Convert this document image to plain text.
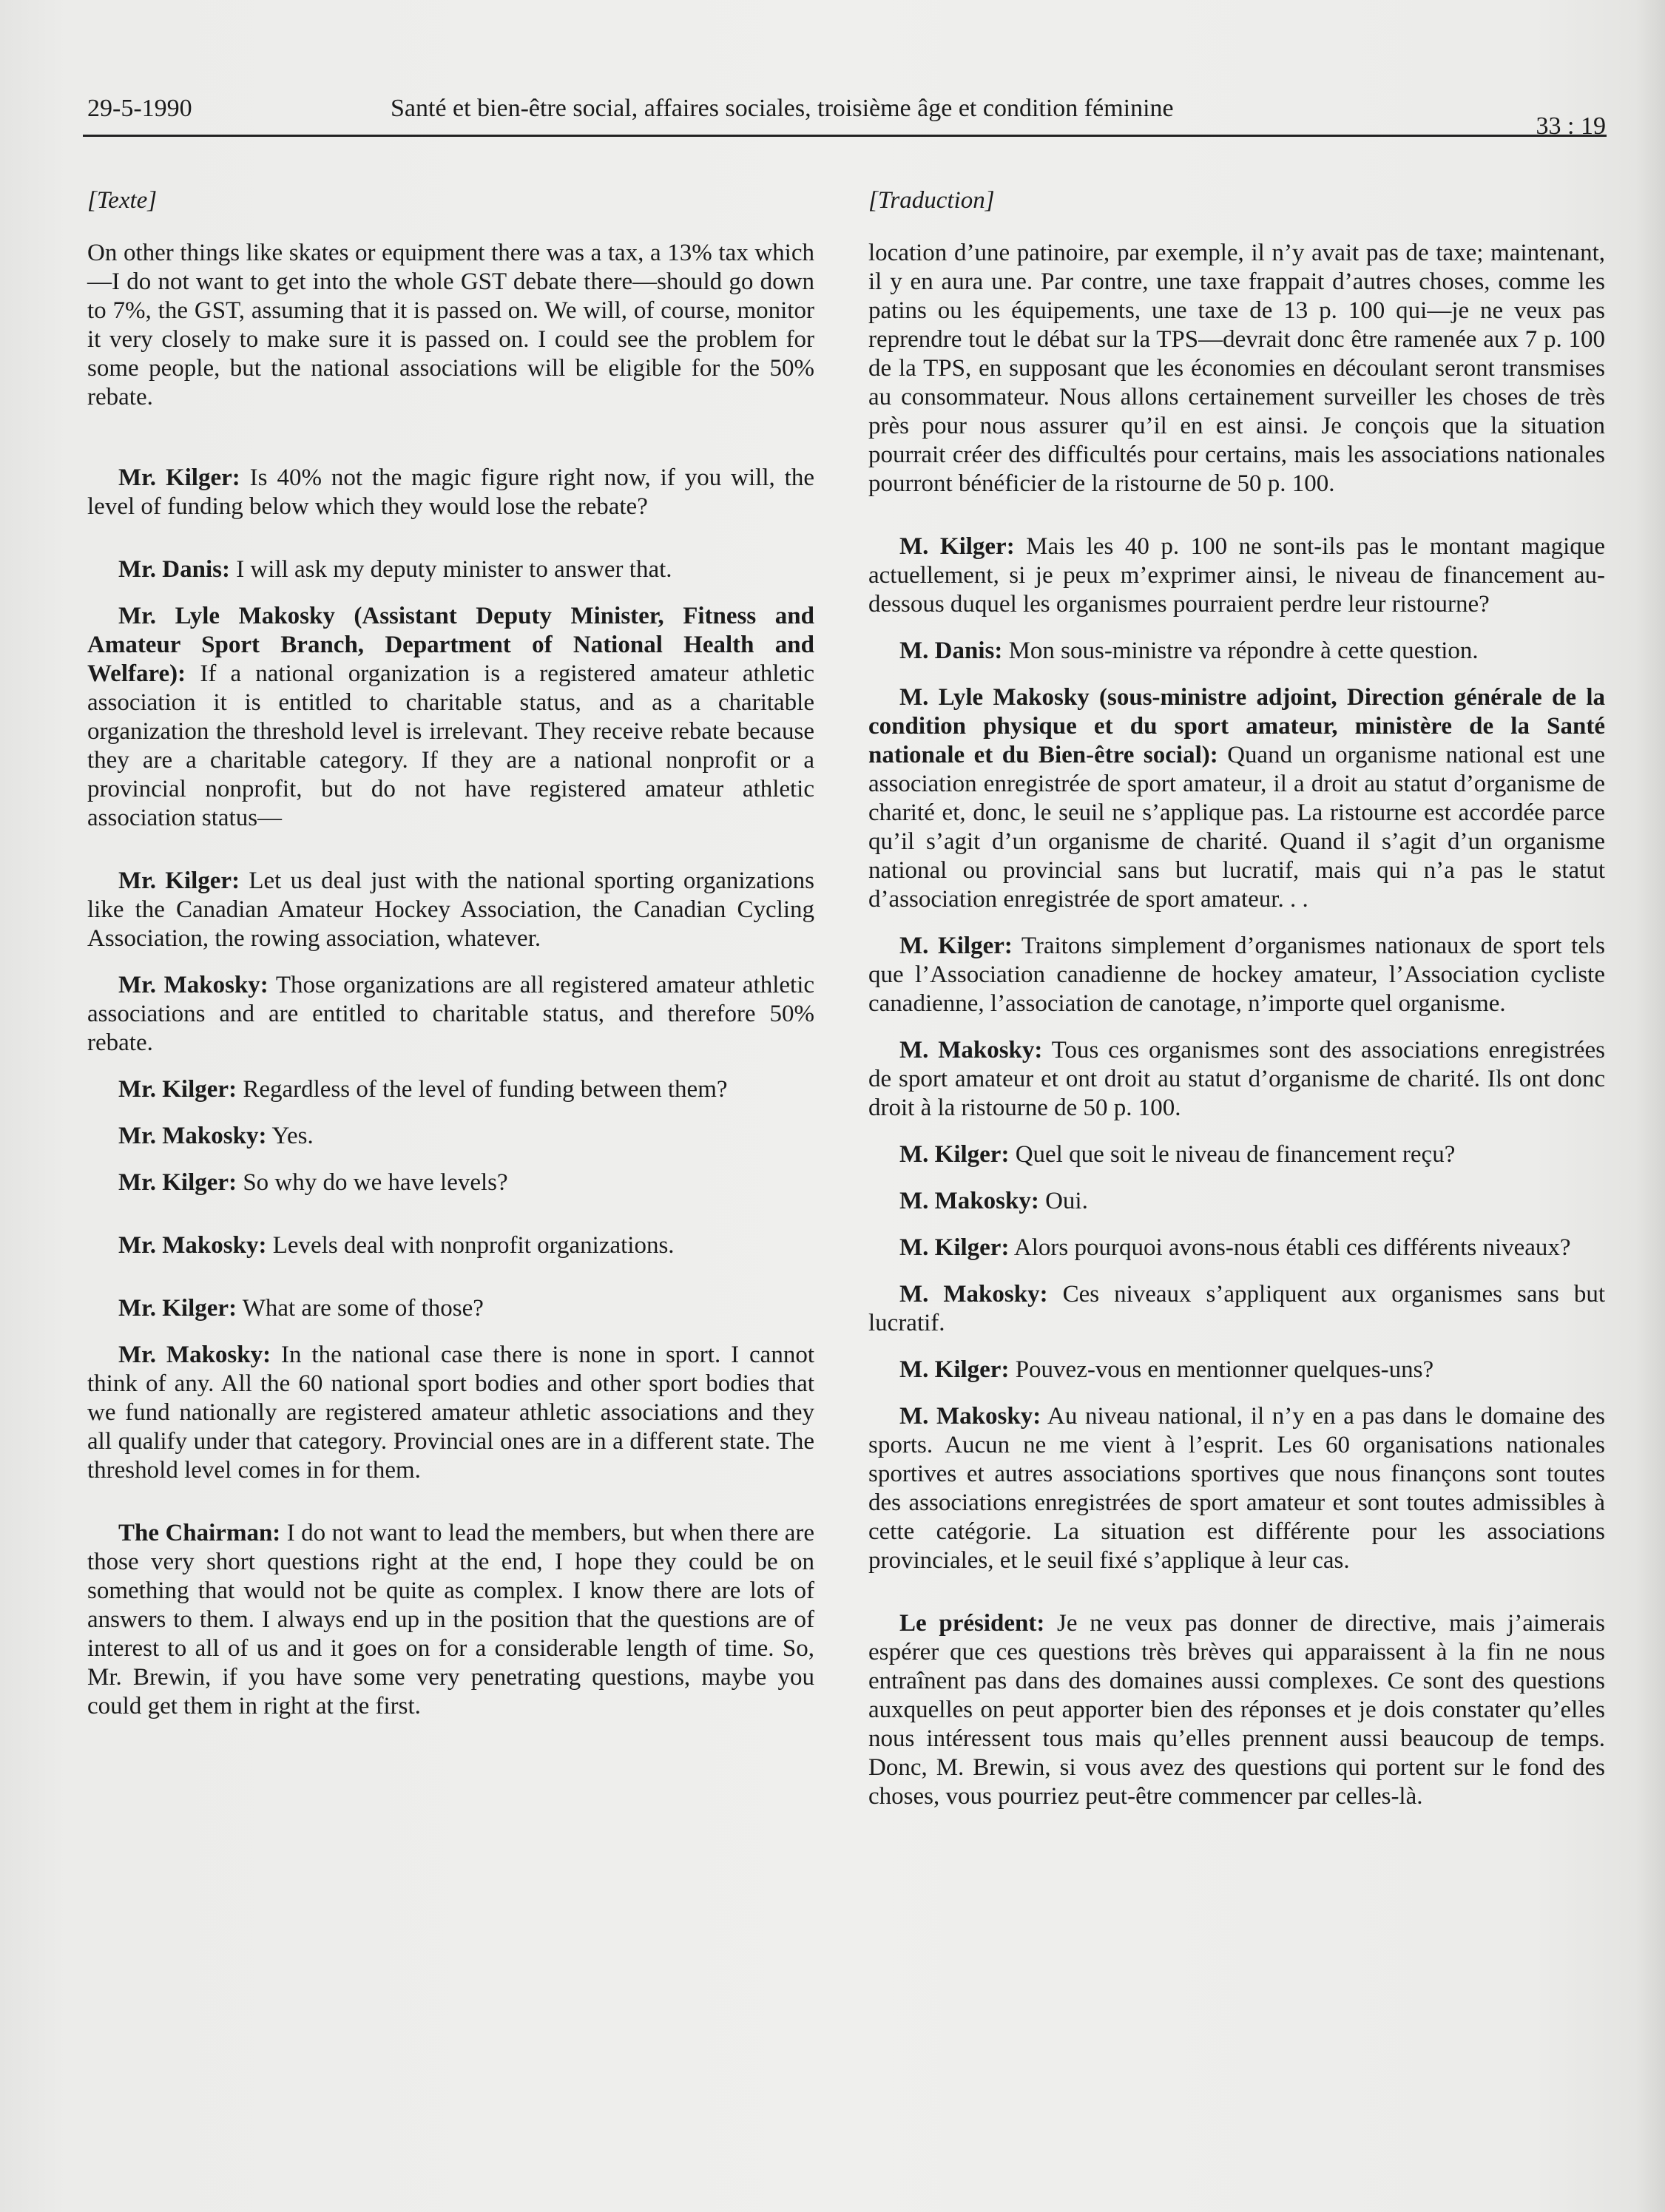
29-5-1990	Santé et bien-être social, affaires sociales, troisième âge et condition féminine
33 : 19
[Texte]

On other things like skates or equipment there was a tax, a 13% tax which—I do not want to get into the whole GST debate there—should go down to 7%, the GST, assuming that it is passed on. We will, of course, monitor it very closely to make sure it is passed on. I could see the problem for some people, but the national associations will be eligible for the 50% rebate.

Mr. Kilger: Is 40% not the magic figure right now, if you will, the level of funding below which they would lose the rebate?

Mr. Danis: I will ask my deputy minister to answer that.

Mr. Lyle Makosky (Assistant Deputy Minister, Fitness and Amateur Sport Branch, Department of National Health and Welfare): If a national organization is a registered amateur athletic association it is entitled to charitable status, and as a charitable organization the threshold level is irrelevant. They receive rebate because they are a charitable category. If they are a national nonprofit or a provincial nonprofit, but do not have registered amateur athletic association status—

Mr. Kilger: Let us deal just with the national sporting organizations like the Canadian Amateur Hockey Association, the Canadian Cycling Association, the rowing association, whatever.

Mr. Makosky: Those organizations are all registered amateur athletic associations and are entitled to charitable status, and therefore 50% rebate.

Mr. Kilger: Regardless of the level of funding between them?

Mr. Makosky: Yes.

Mr. Kilger: So why do we have levels?

Mr. Makosky: Levels deal with nonprofit organizations.

Mr. Kilger: What are some of those?

Mr. Makosky: In the national case there is none in sport. I cannot think of any. All the 60 national sport bodies and other sport bodies that we fund nationally are registered amateur athletic associations and they all qualify under that category. Provincial ones are in a different state. The threshold level comes in for them.

The Chairman: I do not want to lead the members, but when there are those very short questions right at the end, I hope they could be on something that would not be quite as complex. I know there are lots of answers to them. I always end up in the position that the questions are of interest to all of us and it goes on for a considerable length of time. So, Mr. Brewin, if you have some very penetrating questions, maybe you could get them in right at the first.

[Traduction]

location d’une patinoire, par exemple, il n’y avait pas de taxe; maintenant, il y en aura une. Par contre, une taxe frappait d’autres choses, comme les patins ou les équipements, une taxe de 13 p. 100 qui—je ne veux pas reprendre tout le débat sur la TPS—devrait donc être ramenée aux 7 p. 100 de la TPS, en supposant que les économies en découlant seront transmises au consommateur. Nous allons certainement surveiller les choses de très près pour nous assurer qu’il en est ainsi. Je conçois que la situation pourrait créer des difficultés pour certains, mais les associations nationales pourront bénéficier de la ristourne de 50 p. 100.

M. Kilger: Mais les 40 p. 100 ne sont-ils pas le montant magique actuellement, si je peux m’exprimer ainsi, le niveau de financement au-dessous duquel les organismes pourraient perdre leur ristourne?

M. Danis: Mon sous-ministre va répondre à cette question.

M. Lyle Makosky (sous-ministre adjoint, Direction générale de la condition physique et du sport amateur, ministère de la Santé nationale et du Bien-être social): Quand un organisme national est une association enregistrée de sport amateur, il a droit au statut d’organisme de charité et, donc, le seuil ne s’applique pas. La ristourne est accordée parce qu’il s’agit d’un organisme de charité. Quand il s’agit d’un organisme national ou provincial sans but lucratif, mais qui n’a pas le statut d’association enregistrée de sport amateur. . .

M. Kilger: Traitons simplement d’organismes nationaux de sport tels que l’Association canadienne de hockey amateur, l’Association cycliste canadienne, l’association de canotage, n’importe quel organisme.

M. Makosky: Tous ces organismes sont des associations enregistrées de sport amateur et ont droit au statut d’organisme de charité. Ils ont donc droit à la ristourne de 50 p. 100.

M. Kilger: Quel que soit le niveau de financement reçu?

M. Makosky: Oui.

M. Kilger: Alors pourquoi avons-nous établi ces différents niveaux?

M. Makosky: Ces niveaux s’appliquent aux organismes sans but lucratif.

M. Kilger: Pouvez-vous en mentionner quelques-uns?

M. Makosky: Au niveau national, il n’y en a pas dans le domaine des sports. Aucun ne me vient à l’esprit. Les 60 organisations nationales sportives et autres associations sportives que nous finançons sont toutes des associations enregistrées de sport amateur et sont toutes admissibles à cette catégorie. La situation est différente pour les associations provinciales, et le seuil fixé s’applique à leur cas.

Le président: Je ne veux pas donner de directive, mais j’aimerais espérer que ces questions très brèves qui apparaissent à la fin ne nous entraînent pas dans des domaines aussi complexes. Ce sont des questions auxquelles on peut apporter bien des réponses et je dois constater qu’elles nous intéressent tous mais qu’elles prennent aussi beaucoup de temps. Donc, M. Brewin, si vous avez des questions qui portent sur le fond des choses, vous pourriez peut-être commencer par celles-là.
